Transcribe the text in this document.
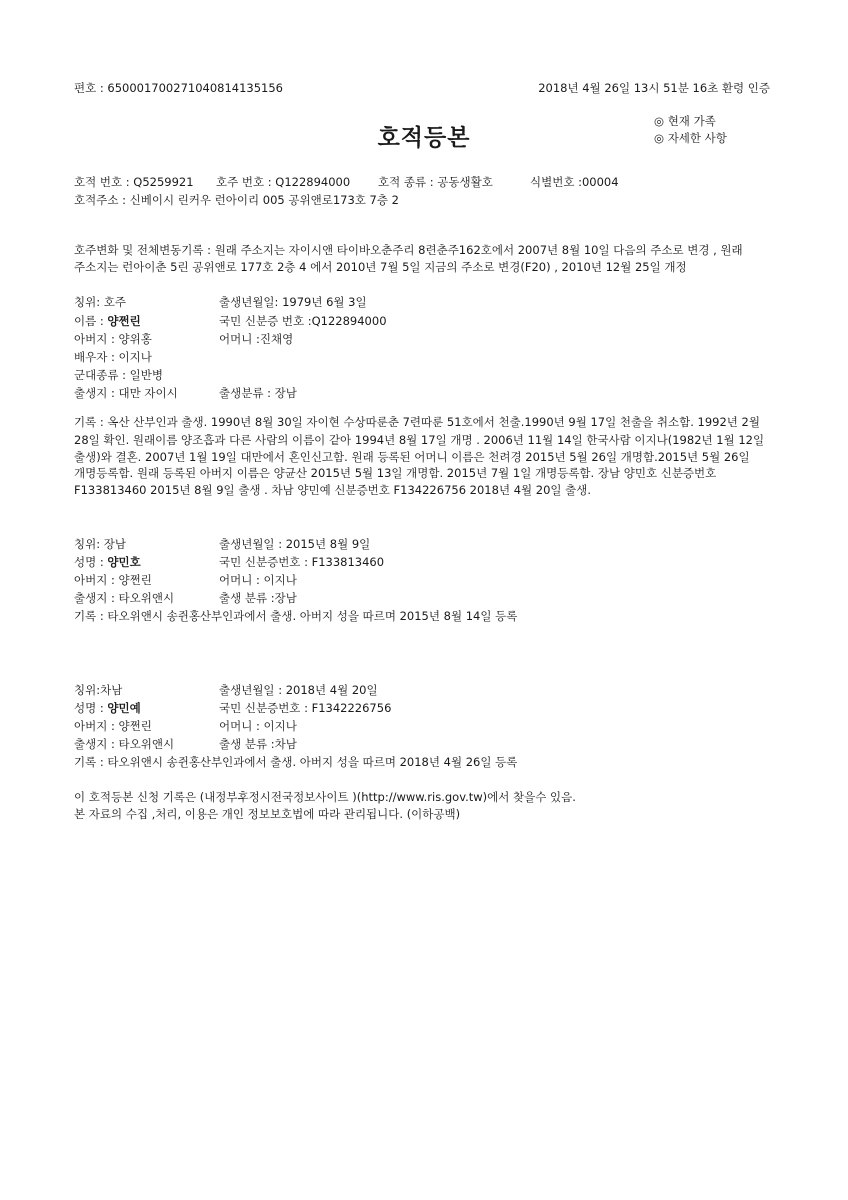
편호 : 650001700271040814135156	2018년 4월 26일 13시 51분 16초 환령 인증
호적등본
◎ 현재 가족
◎ 자세한 사항
호적 번호 : Q5259921 호주 번호 : Q122894000 호적 종류 : 공동생활호	식별번호 :00004
호적주소 : 신베이시 린커우 런아이리 005 공위앤로173호 7층 2
호주변화 및 전체변동기록 : 원래 주소지는 자이시앤 타이바오춘주리 8련춘주162호에서 2007년 8월 10일 다음의 주소로 변경 , 원래
주소지는 런아이춘 5린 공위앤로 177호 2층 4 에서 2010년 7월 5일 지금의 주소로 변경(F20) , 2010년 12월 25일 개정
칭위: 호주	출생년월일: 1979년 6월 3일
이름 : 양쩐린	국민 신분증 번호 :Q122894000
아버지 : 양위홍	어머니 :진채영
배우자 : 이지나
군대종류 : 일반병
출생지 : 대만 자이시	출생분류 : 장남
기록 : 옥산 산부인과 출생. 1990년 8월 30일 자이현 수상따룬춘 7련따룬 51호에서 천출.1990년 9월 17일 천출을 취소함. 1992년 2월
28일 확인. 원래이름 양조흡과 다른 사람의 이름이 같아 1994년 8월 17일 개명 . 2006년 11월 14일 한국사람 이지나(1982년 1월 12일
출생)와 결혼. 2007년 1월 19일 대만에서 혼인신고함. 원래 등록된 어머니 이름은 천려경 2015년 5월 26일 개명함.2015년 5월 26일
개명등록함. 원래 등록된 아버지 이름은 양균산 2015년 5월 13일 개명함. 2015년 7월 1일 개명등록함. 장남 양민호 신분증번호
F133813460 2015년 8월 9일 출생 . 차남 양민예 신분증번호 F134226756 2018년 4월 20일 출생.
칭위: 장남	출생년월일 : 2015년 8월 9일
성명 : 양민호	국민 신분증번호 : F133813460
아버지 : 양쩐린	어머니 : 이지나
출생지 : 타오위앤시	출생 분류 :장남
기록 : 타오위앤시 송쥔홍산부인과에서 출생. 아버지 성을 따르며 2015년 8월 14일 등록
칭위:차남	출생년월일 : 2018년 4월 20일
성명 : 양민예	국민 신분증번호 : F1342226756
아버지 : 양쩐린	어머니 : 이지나
출생지 : 타오위앤시	출생 분류 :차남
기록 : 타오위앤시 송쥔홍산부인과에서 출생. 아버지 성을 따르며 2018년 4월 26일 등록
이 호적등본 신청 기록은 (내정부후정시전국정보사이트 )(http://www.ris.gov.tw)에서 찾을수 있음.
본 자료의 수집 ,처리, 이용은 개인 정보보호법에 따라 관리됩니다. (이하공백)
